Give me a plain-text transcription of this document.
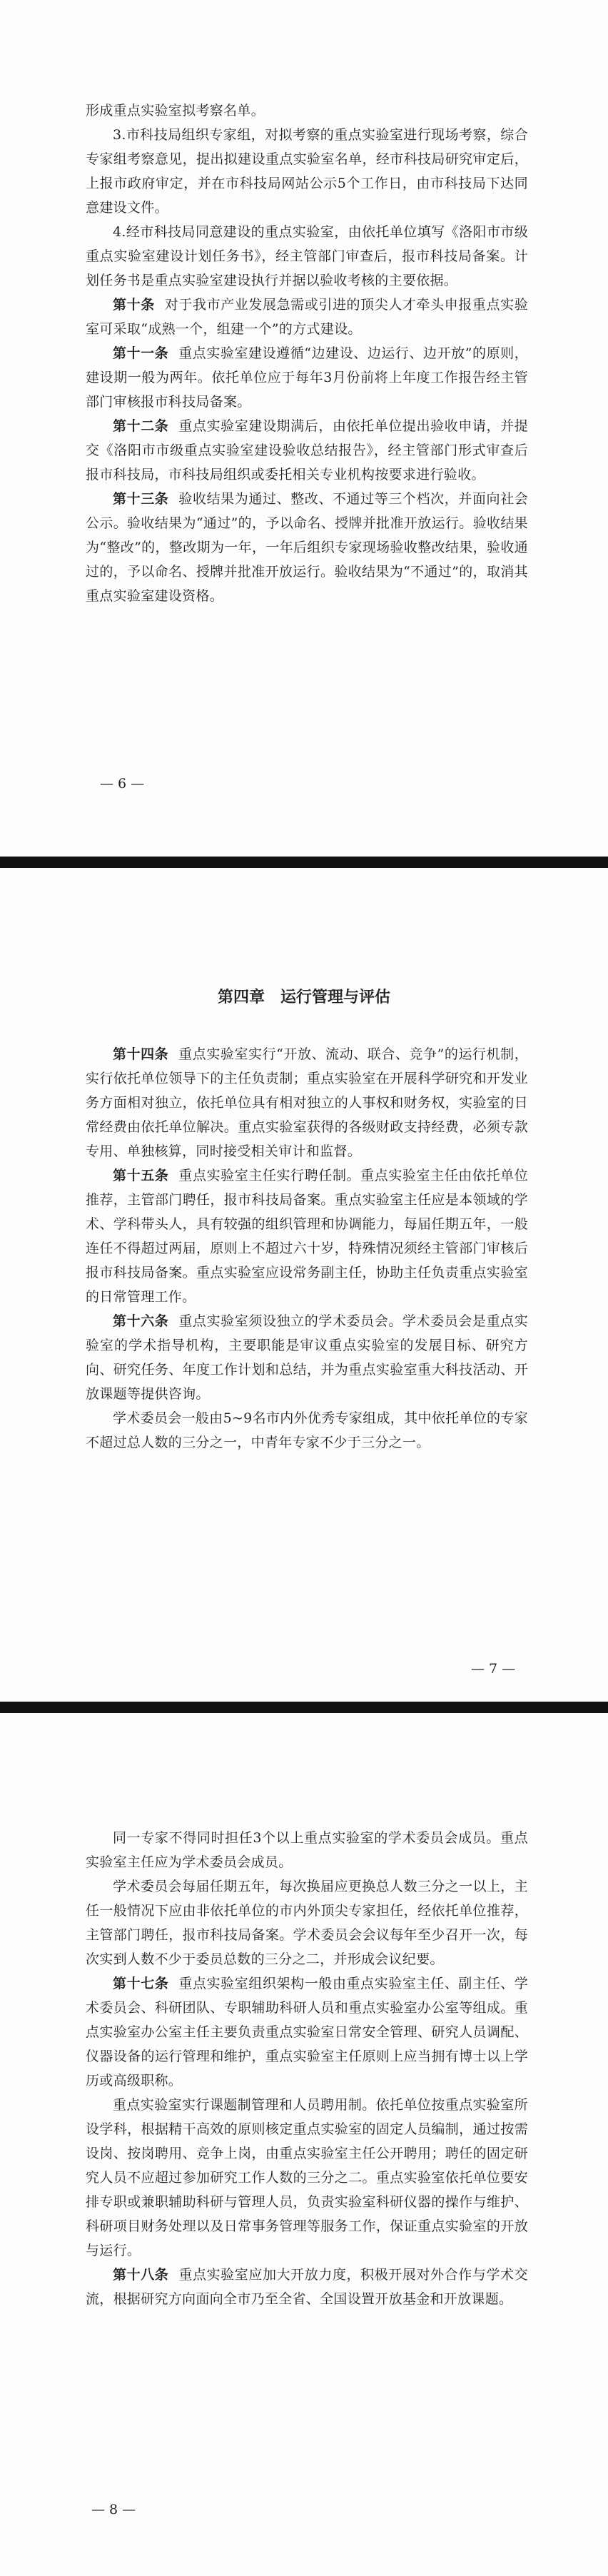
形成重点实验室拟考察名单。

3.市科技局组织专家组，对拟考察的重点实验室进行现场考察，综合专家组考察意见，提出拟建设重点实验室名单，经市科技局研究审定后，上报市政府审定，并在市科技局网站公示5个工作日，由市科技局下达同意建设文件。

4.经市科技局同意建设的重点实验室，由依托单位填写《洛阳市市级重点实验室建设计划任务书》，经主管部门审查后，报市科技局备案。计划任务书是重点实验室建设执行并据以验收考核的主要依据。

第十条 对于我市产业发展急需或引进的顶尖人才牵头申报重点实验室可采取“成熟一个，组建一个”的方式建设。

第十一条 重点实验室建设遵循“边建设、边运行、边开放”的原则，建设期一般为两年。依托单位应于每年3月份前将上年度工作报告经主管部门审核报市科技局备案。

第十二条 重点实验室建设期满后，由依托单位提出验收申请，并提交《洛阳市市级重点实验室建设验收总结报告》，经主管部门形式审查后报市科技局，市科技局组织或委托相关专业机构按要求进行验收。

第十三条 验收结果为通过、整改、不通过等三个档次，并面向社会公示。验收结果为“通过”的，予以命名、授牌并批准开放运行。验收结果为“整改”的，整改期为一年，一年后组织专家现场验收整改结果，验收通过的，予以命名、授牌并批准开放运行。验收结果为“不通过”的，取消其重点实验室建设资格。

— 6 —
第四章　运行管理与评估

第十四条 重点实验室实行“开放、流动、联合、竞争”的运行机制，实行依托单位领导下的主任负责制；重点实验室在开展科学研究和开发业务方面相对独立，依托单位具有相对独立的人事权和财务权，实验室的日常经费由依托单位解决。重点实验室获得的各级财政支持经费，必须专款专用、单独核算，同时接受相关审计和监督。

第十五条 重点实验室主任实行聘任制。重点实验室主任由依托单位推荐，主管部门聘任，报市科技局备案。重点实验室主任应是本领域的学术、学科带头人，具有较强的组织管理和协调能力，每届任期五年，一般连任不得超过两届，原则上不超过六十岁，特殊情况须经主管部门审核后报市科技局备案。重点实验室应设常务副主任，协助主任负责重点实验室的日常管理工作。

第十六条 重点实验室须设独立的学术委员会。学术委员会是重点实验室的学术指导机构，主要职能是审议重点实验室的发展目标、研究方向、研究任务、年度工作计划和总结，并为重点实验室重大科技活动、开放课题等提供咨询。

学术委员会一般由5~9名市内外优秀专家组成，其中依托单位的专家不超过总人数的三分之一，中青年专家不少于三分之一。

— 7 —

同一专家不得同时担任3个以上重点实验室的学术委员会成员。重点实验室主任应为学术委员会成员。

学术委员会每届任期五年，每次换届应更换总人数三分之一以上，主任一般情况下应由非依托单位的市内外顶尖专家担任，经依托单位推荐，主管部门聘任，报市科技局备案。学术委员会会议每年至少召开一次，每次实到人数不少于委员总数的三分之二，并形成会议纪要。

第十七条 重点实验室组织架构一般由重点实验室主任、副主任、学术委员会、科研团队、专职辅助科研人员和重点实验室办公室等组成。重点实验室办公室主任主要负责重点实验室日常安全管理、研究人员调配、仪器设备的运行管理和维护，重点实验室主任原则上应当拥有博士以上学历或高级职称。

重点实验室实行课题制管理和人员聘用制。依托单位按重点实验室所设学科，根据精干高效的原则核定重点实验室的固定人员编制，通过按需设岗、按岗聘用、竞争上岗，由重点实验室主任公开聘用；聘任的固定研究人员不应超过参加研究工作人数的三分之二。重点实验室依托单位要安排专职或兼职辅助科研与管理人员，负责实验室科研仪器的操作与维护、科研项目财务处理以及日常事务管理等服务工作，保证重点实验室的开放与运行。

第十八条 重点实验室应加大开放力度，积极开展对外合作与学术交流，根据研究方向面向全市乃至全省、全国设置开放基金和开放课题。

— 8 —
